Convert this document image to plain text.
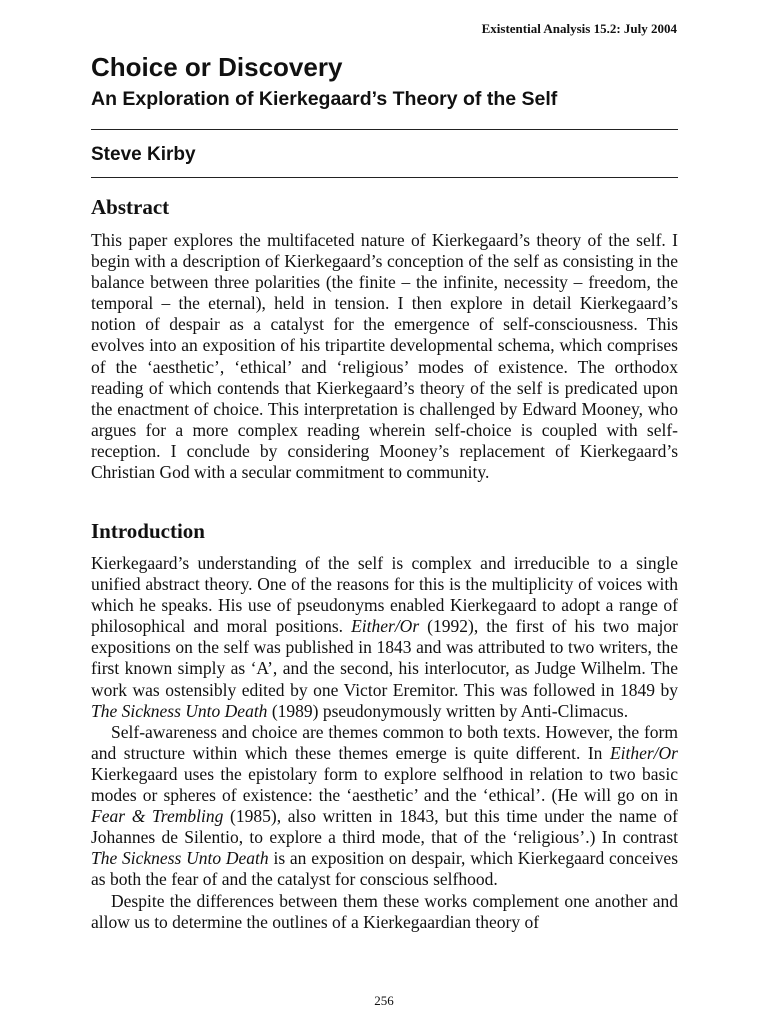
Existential Analysis 15.2: July 2004
Choice or Discovery
An Exploration of Kierkegaard’s Theory of the Self
Steve Kirby
Abstract

This paper explores the multifaceted nature of Kierkegaard’s theory of the self. I begin with a description of Kierkegaard’s conception of the self as consisting in the balance between three polarities (the finite – the infinite, necessity – freedom, the temporal – the eternal), held in tension. I then explore in detail Kierkegaard’s notion of despair as a catalyst for the emergence of self-consciousness. This evolves into an exposition of his tripartite developmental schema, which comprises of the ‘aesthetic’, ‘ethical’ and ‘religious’ modes of existence. The orthodox reading of which contends that Kierkegaard’s theory of the self is predicated upon the enactment of choice. This interpretation is challenged by Edward Mooney, who argues for a more complex reading wherein self-choice is coupled with self-reception. I conclude by considering Mooney’s replacement of Kierkegaard’s Christian God with a secular commitment to community.

Introduction

Kierkegaard’s understanding of the self is complex and irreducible to a single unified abstract theory. One of the reasons for this is the multiplicity of voices with which he speaks. His use of pseudonyms enabled Kierkegaard to adopt a range of philosophical and moral positions. Either/Or (1992), the first of his two major expositions on the self was published in 1843 and was attributed to two writers, the first known simply as ‘A’, and the second, his interlocutor, as Judge Wilhelm. The work was ostensibly edited by one Victor Eremitor. This was followed in 1849 by The Sickness Unto Death (1989) pseudonymously written by Anti-Climacus.

Self-awareness and choice are themes common to both texts. However, the form and structure within which these themes emerge is quite different. In Either/Or Kierkegaard uses the epistolary form to explore selfhood in relation to two basic modes or spheres of existence: the ‘aesthetic’ and the ‘ethical’. (He will go on in Fear & Trembling (1985), also written in 1843, but this time under the name of Johannes de Silentio, to explore a third mode, that of the ‘religious’.) In contrast The Sickness Unto Death is an exposition on despair, which Kierkegaard conceives as both the fear of and the catalyst for conscious selfhood.

Despite the differences between them these works complement one another and allow us to determine the outlines of a Kierkegaardian theory of

256
